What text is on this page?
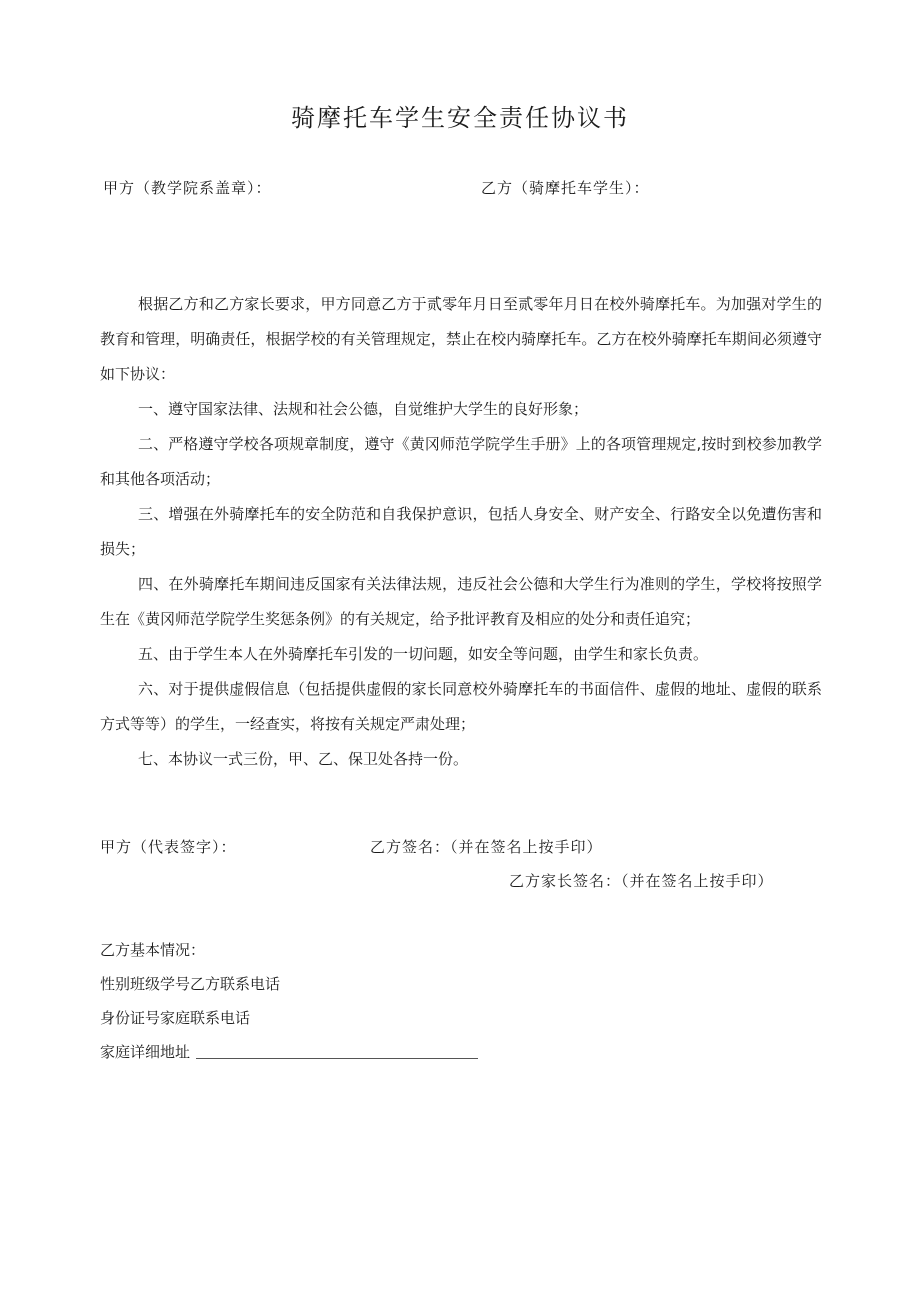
骑摩托车学生安全责任协议书
甲方（教学院系盖章）：	乙方（骑摩托车学生）：

根据乙方和乙方家长要求，甲方同意乙方于贰零年月日至贰零年月日在校外骑摩托车。为加强对学生的教育和管理，明确责任，根据学校的有关管理规定，禁止在校内骑摩托车。乙方在校外骑摩托车期间必须遵守如下协议：

一、遵守国家法律、法规和社会公德，自觉维护大学生的良好形象；

二、严格遵守学校各项规章制度，遵守《黄冈师范学院学生手册》上的各项管理规定,按时到校参加教学和其他各项活动；

三、增强在外骑摩托车的安全防范和自我保护意识，包括人身安全、财产安全、行路安全以免遭伤害和损失；

四、在外骑摩托车期间违反国家有关法律法规，违反社会公德和大学生行为准则的学生，学校将按照学生在《黄冈师范学院学生奖惩条例》的有关规定，给予批评教育及相应的处分和责任追究；

五、由于学生本人在外骑摩托车引发的一切问题，如安全等问题，由学生和家长负责。

六、对于提供虚假信息（包括提供虚假的家长同意校外骑摩托车的书面信件、虚假的地址、虚假的联系方式等等）的学生，一经查实，将按有关规定严肃处理；

七、本协议一式三份，甲、乙、保卫处各持一份。

甲方（代表签字）：	乙方签名：（并在签名上按手印）
乙方家长签名：（并在签名上按手印）
乙方基本情况：
性别班级学号乙方联系电话
身份证号家庭联系电话
家庭详细地址
